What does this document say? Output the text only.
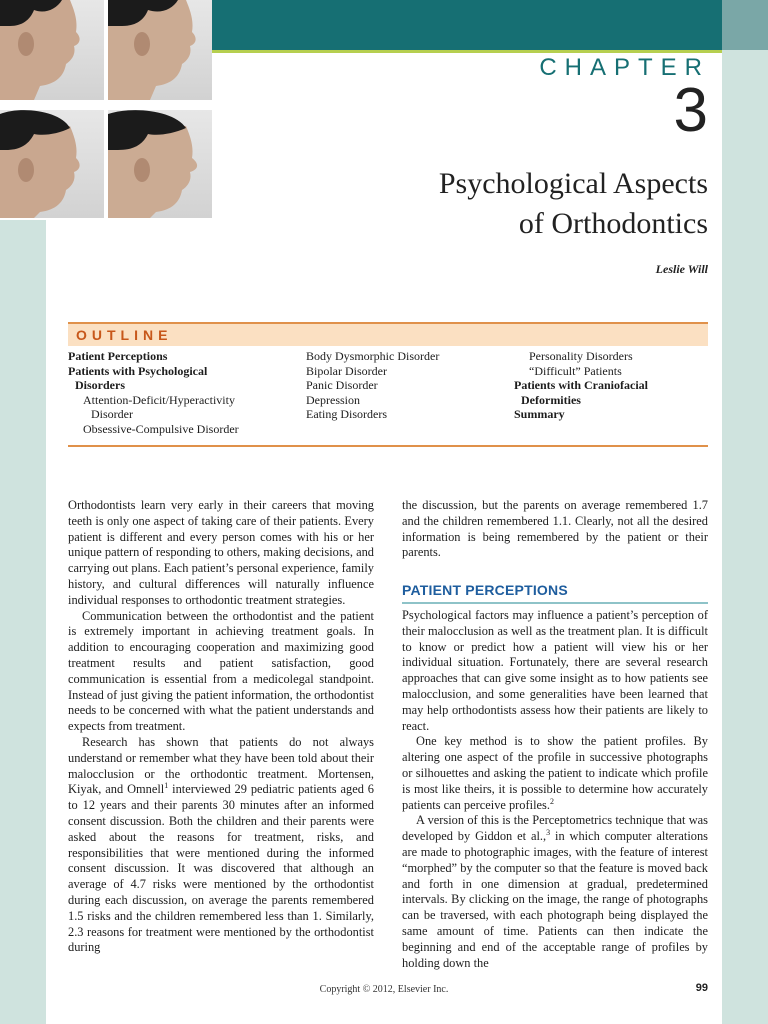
CHAPTER
3
Psychological Aspects
of Orthodontics
Leslie Will
OUTLINE
Patient Perceptions
Patients with Psychological
Disorders
Attention-Deficit/Hyperactivity
Disorder
Obsessive-Compulsive Disorder
Body Dysmorphic Disorder
Bipolar Disorder
Panic Disorder
Depression
Eating Disorders
Personality Disorders
“Difficult” Patients
Patients with Craniofacial
Deformities
Summary

Orthodontists learn very early in their careers that moving teeth is only one aspect of taking care of their patients. Every patient is different and every person comes with his or her unique pattern of responding to others, making decisions, and carrying out plans. Each patient’s personal experience, family history, and cultural differences will naturally influence individual responses to orthodontic treatment strategies.

Communication between the orthodontist and the patient is extremely important in achieving treatment goals. In addition to encouraging cooperation and maximizing good treatment results and patient satisfaction, good communication is essential from a medicolegal standpoint. Instead of just giving the patient information, the orthodontist needs to be concerned with what the patient understands and expects from treatment.

Research has shown that patients do not always understand or remember what they have been told about their malocclusion or the orthodontic treatment. Mortensen, Kiyak, and Omnell$^1$ interviewed 29 pediatric patients aged 6 to 12 years and their parents 30 minutes after an informed consent discussion. Both the children and their parents were asked about the reasons for treatment, risks, and responsibilities that were mentioned during the informed consent discussion. It was discovered that although an average of 4.7 risks were mentioned by the orthodontist during each discussion, on average the parents remembered 1.5 risks and the children remembered less than 1. Similarly, 2.3 reasons for treatment were mentioned by the orthodontist during

the discussion, but the parents on average remembered 1.7 and the children remembered 1.1. Clearly, not all the desired information is being remembered by the patient or their parents.

PATIENT PERCEPTIONS

Psychological factors may influence a patient’s perception of their malocclusion as well as the treatment plan. It is difficult to know or predict how a patient will view his or her individual situation. Fortunately, there are several research approaches that can give some insight as to how patients see malocclusion, and some generalities have been learned that may help orthodontists assess how their patients are likely to react.

One key method is to show the patient profiles. By altering one aspect of the profile in successive photographs or silhouettes and asking the patient to indicate which profile is most like theirs, it is possible to determine how accurately patients can perceive profiles.$^2$

A version of this is the Perceptometrics technique that was developed by Giddon et al.,$^3$ in which computer alterations are made to photographic images, with the feature of interest “morphed” by the computer so that the feature is moved back and forth in one dimension at gradual, predetermined intervals. By clicking on the image, the range of photographs can be traversed, with each photograph being displayed the same amount of time. Patients can then indicate the beginning and end of the acceptable range of profiles by holding down the

Copyright © 2012, Elsevier Inc.	99
